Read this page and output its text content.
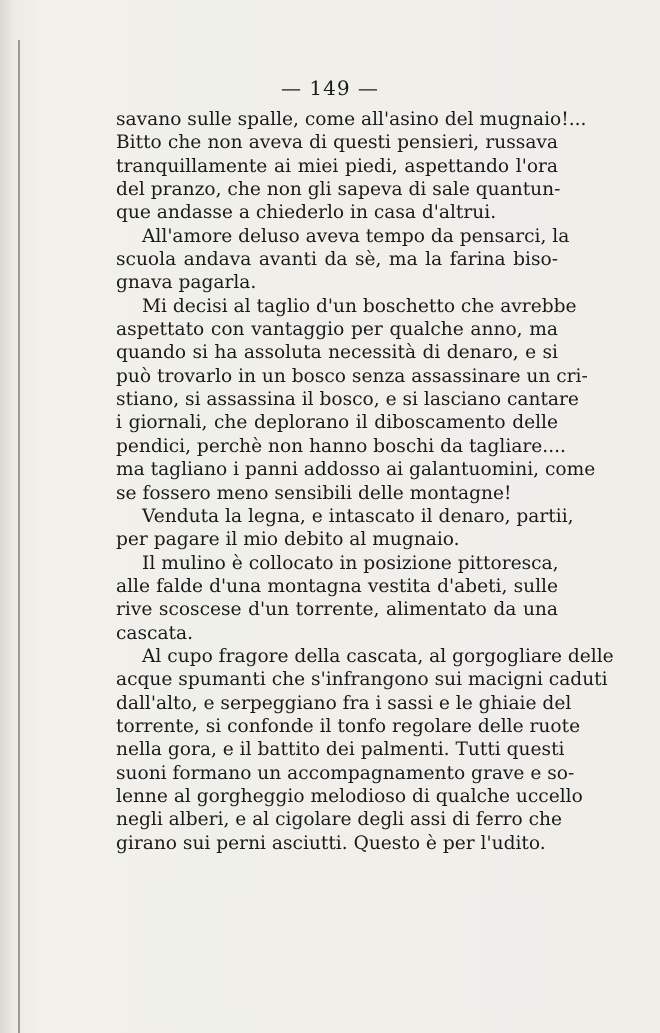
— 149 —

savano sulle spalle, come all'asino del mugnaio!...
Bitto che non aveva di questi pensieri, russava
tranquillamente ai miei piedi, aspettando l'ora
del pranzo, che non gli sapeva di sale quantun-
que andasse a chiederlo in casa d'altrui.

All'amore deluso aveva tempo da pensarci, la
scuola andava avanti da sè, ma la farina biso-
gnava pagarla.

Mi decisi al taglio d'un boschetto che avrebbe
aspettato con vantaggio per qualche anno, ma
quando si ha assoluta necessità di denaro, e si
può trovarlo in un bosco senza assassinare un cri-
stiano, si assassina il bosco, e si lasciano cantare
i giornali, che deplorano il diboscamento delle
pendici, perchè non hanno boschi da tagliare....
ma tagliano i panni addosso ai galantuomini, come
se fossero meno sensibili delle montagne!

Venduta la legna, e intascato il denaro, partii,
per pagare il mio debito al mugnaio.

Il mulino è collocato in posizione pittoresca,
alle falde d'una montagna vestita d'abeti, sulle
rive scoscese d'un torrente, alimentato da una
cascata.

Al cupo fragore della cascata, al gorgogliare delle
acque spumanti che s'infrangono sui macigni caduti
dall'alto, e serpeggiano fra i sassi e le ghiaie del
torrente, si confonde il tonfo regolare delle ruote
nella gora, e il battito dei palmenti. Tutti questi
suoni formano un accompagnamento grave e so-
lenne al gorgheggio melodioso di qualche uccello
negli alberi, e al cigolare degli assi di ferro che
girano sui perni asciutti. Questo è per l'udito.
